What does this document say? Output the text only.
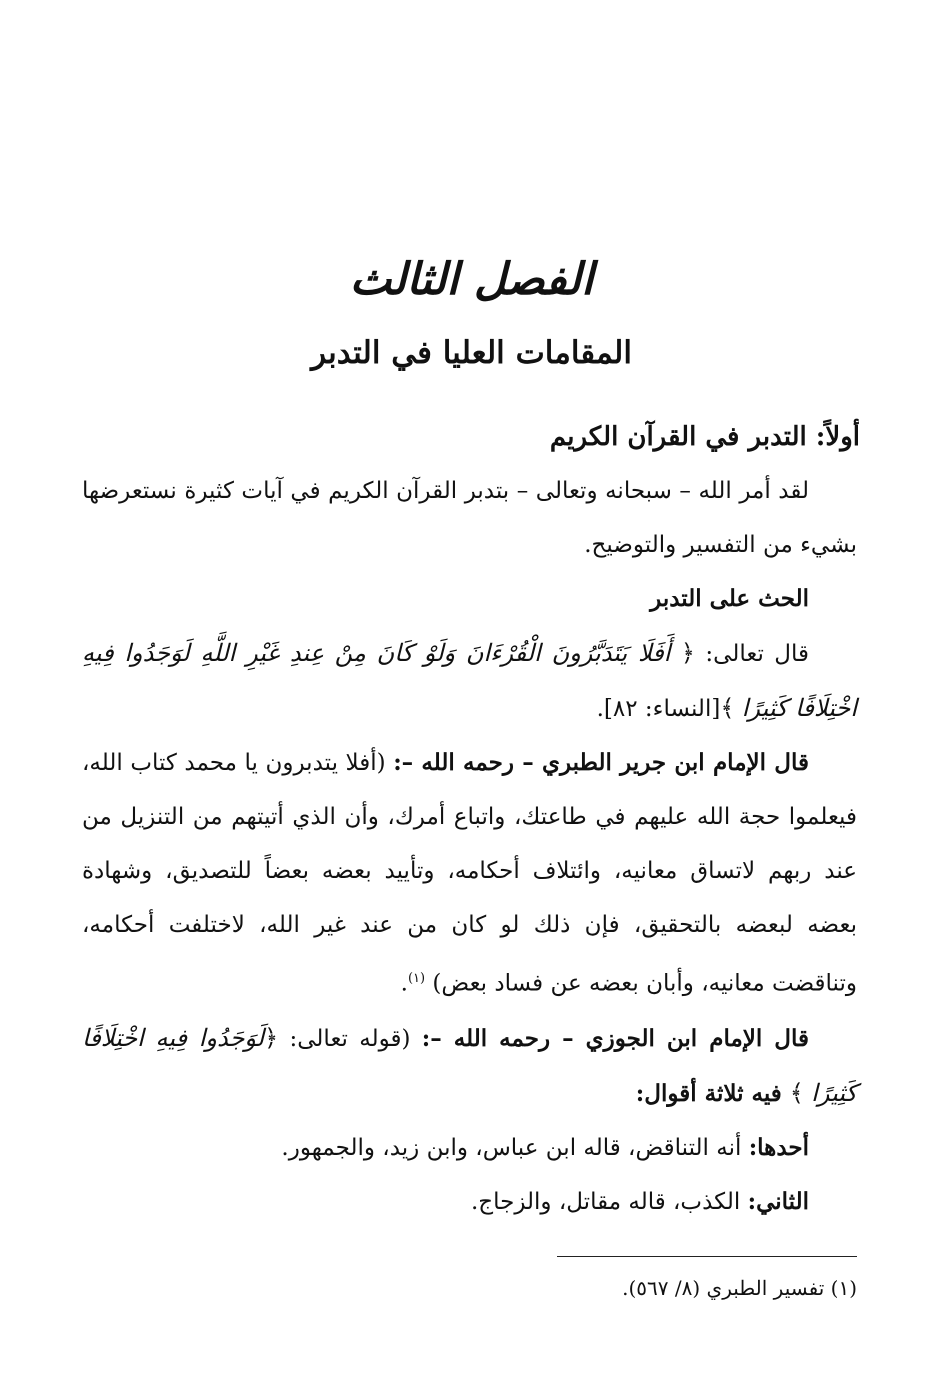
الفصل الثالث
المقامات العليا في التدبر

أولاً: التدبر في القرآن الكريم

لقد أمر الله – سبحانه وتعالى – بتدبر القرآن الكريم في آيات كثيرة نستعرضها بشيء من التفسير والتوضيح.

الحث على التدبر

قال تعالى: ﴿ أَفَلَا يَتَدَبَّرُونَ الْقُرْءَانَ وَلَوْ كَانَ مِنْ عِندِ غَيْرِ اللَّهِ لَوَجَدُوا فِيهِ اخْتِلَافًا كَثِيرًا ﴾[النساء: ٨٢].

قال الإمام ابن جرير الطبري – رحمه الله –: (أفلا يتدبرون يا محمد كتاب الله، فيعلموا حجة الله عليهم في طاعتك، واتباع أمرك، وأن الذي أتيتهم من التنزيل من عند ربهم لاتساق معانيه، وائتلاف أحكامه، وتأييد بعضه بعضاً للتصديق، وشهادة بعضه لبعضه بالتحقيق، فإن ذلك لو كان من عند غير الله، لاختلفت أحكامه، وتناقضت معانيه، وأبان بعضه عن فساد بعض) $^{(١)}$.

قال الإمام ابن الجوزي – رحمه الله –: (قوله تعالى: ﴿لَوَجَدُوا فِيهِ اخْتِلَافًا كَثِيرًا ﴾ فيه ثلاثة أقوال:

أحدها: أنه التناقض، قاله ابن عباس، وابن زيد، والجمهور.

الثاني: الكذب، قاله مقاتل، والزجاج.

(١) تفسير الطبري (٨/ ٥٦٧).
